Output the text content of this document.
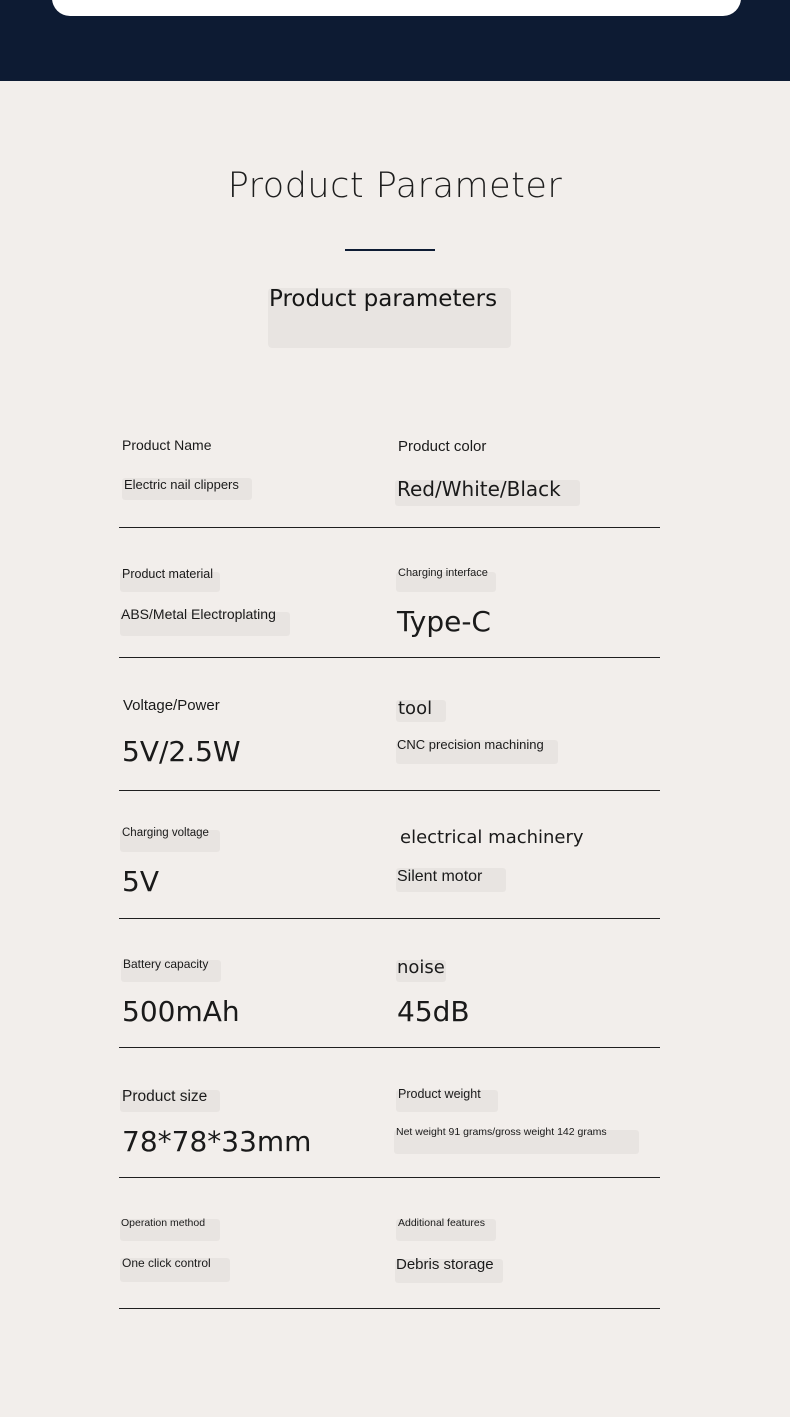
Product Parameter
Product parameters
Product Name
Electric nail clippers
Product color
Red/White/Black
Product material
ABS/Metal Electroplating
Charging interface
Type-C
Voltage/Power
5V/2.5W
tool
CNC precision machining
Charging voltage
5V
electrical machinery
Silent motor
Battery capacity
500mAh
noise
45dB
Product size
78*78*33mm
Product weight
Net weight 91 grams/gross weight 142 grams
Operation method
One click control
Additional features
Debris storage
